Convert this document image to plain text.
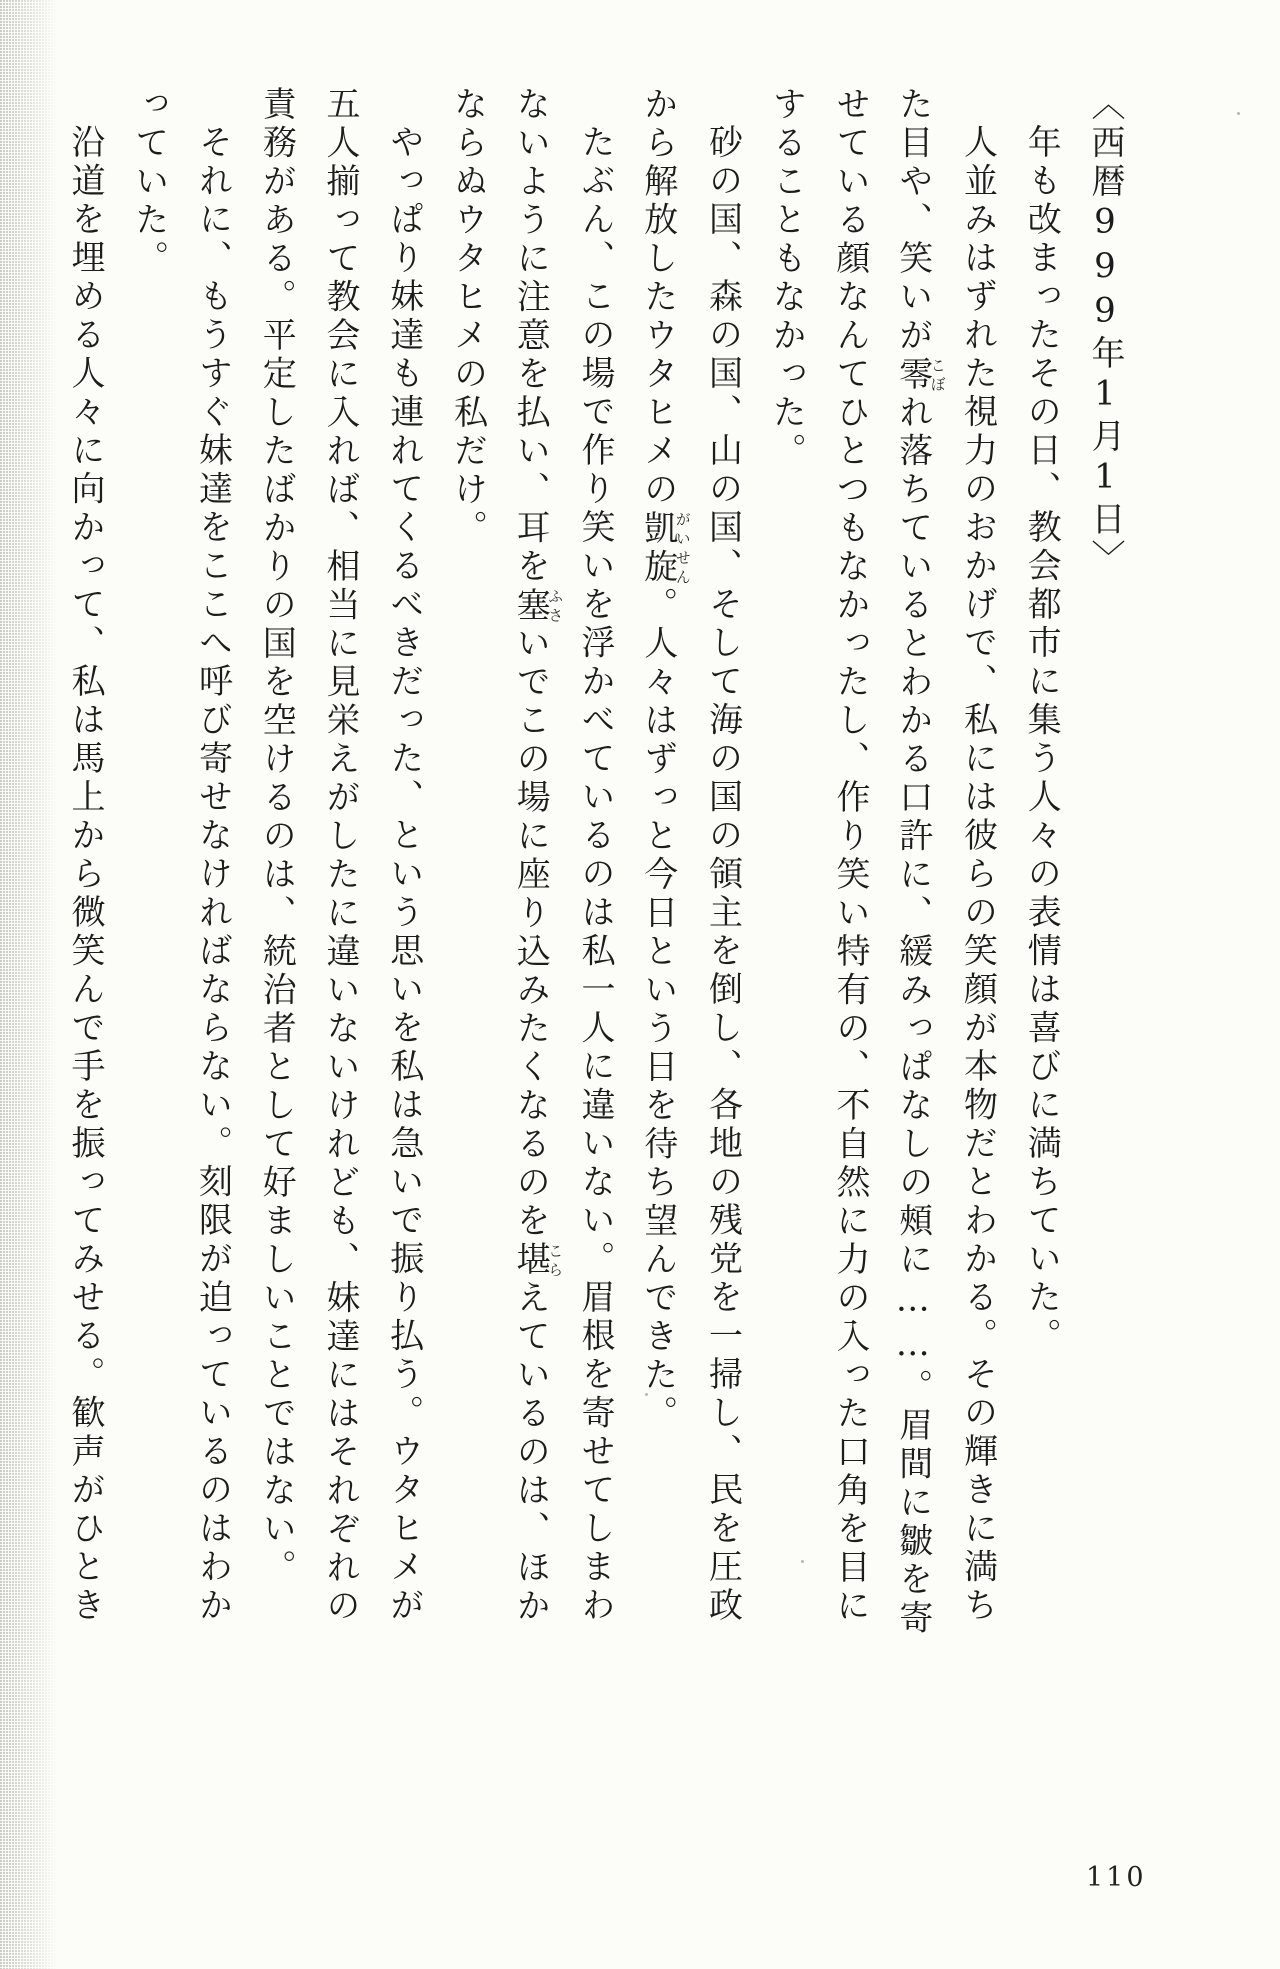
〈西暦999年1月1日〉
年も改まったその日、教会都市に集う人々の表情は喜びに満ちていた。
人並みはずれた視力のおかげで、私には彼らの笑顔が本物だとわかる。その輝きに満ち
た目や、笑いが零こぼれ落ちているとわかる口許に、緩みっぱなしの頰に……。眉間に皺を寄
せている顔なんてひとつもなかったし、作り笑い特有の、不自然に力の入った口角を目に
することもなかった。
砂の国、森の国、山の国、そして海の国の領主を倒し、各地の残党を一掃し、民を圧政
から解放したウタヒメの凱旋がいせん。人々はずっと今日という日を待ち望んできた。
たぶん、この場で作り笑いを浮かべているのは私一人に違いない。眉根を寄せてしまわ
ないように注意を払い、耳を塞ふさいでこの場に座り込みたくなるのを堪こらえているのは、ほか
ならぬウタヒメの私だけ。
やっぱり妹達も連れてくるべきだった、という思いを私は急いで振り払う。ウタヒメが
五人揃って教会に入れば、相当に見栄えがしたに違いないけれども、妹達にはそれぞれの
責務がある。平定したばかりの国を空けるのは、統治者として好ましいことではない。
それに、もうすぐ妹達をここへ呼び寄せなければならない。刻限が迫っているのはわか
っていた。
沿道を埋める人々に向かって、私は馬上から微笑んで手を振ってみせる。歓声がひとき
110
